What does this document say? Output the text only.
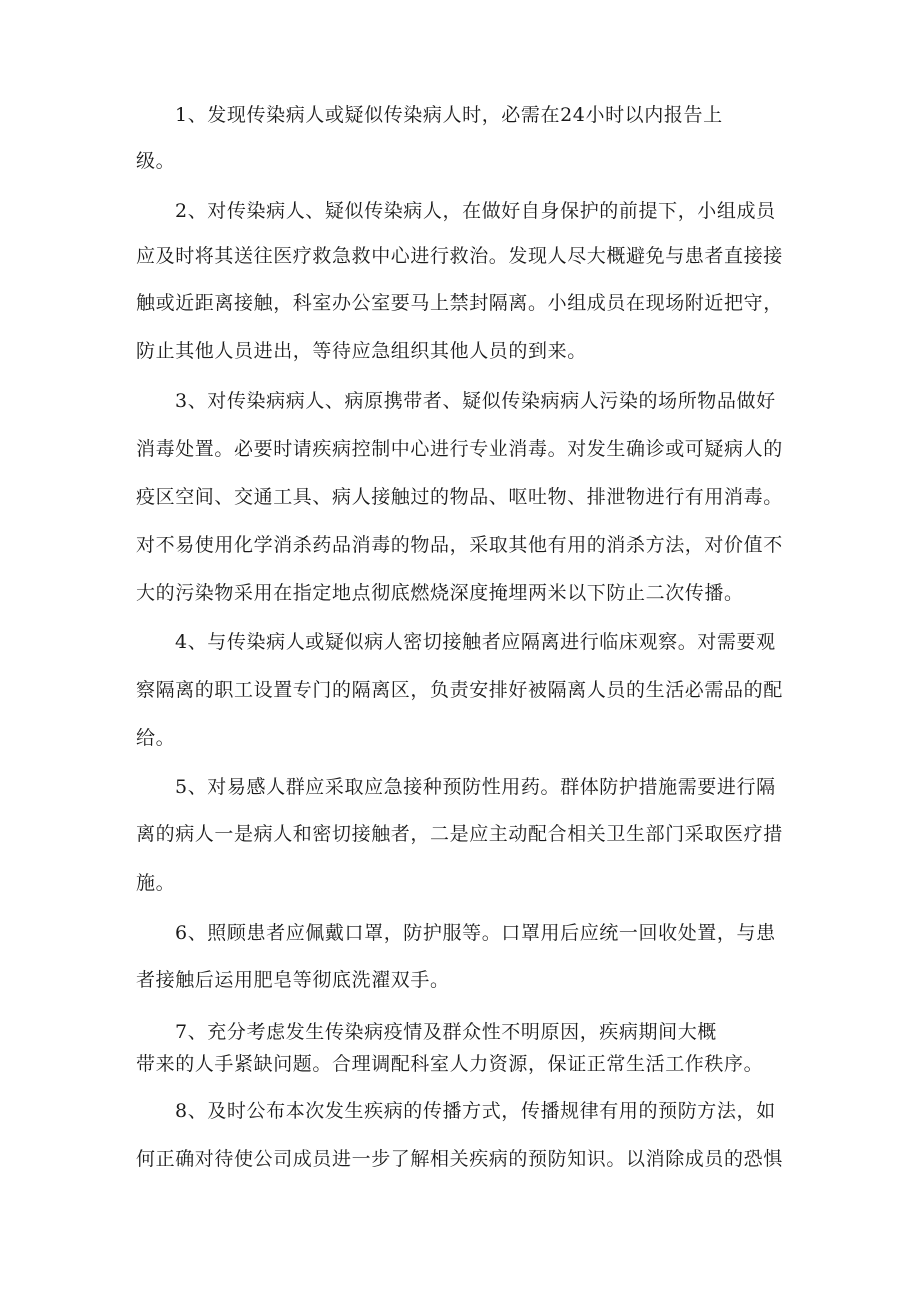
1、发现传染病人或疑似传染病人时，必需在24小时以内报告上
级。
2、对传染病人、疑似传染病人，在做好自身保护的前提下，小组成员
应及时将其送往医疗救急救中心进行救治。发现人尽大概避免与患者直接接
触或近距离接触，科室办公室要马上禁封隔离。小组成员在现场附近把守，
防止其他人员进出，等待应急组织其他人员的到来。
3、对传染病病人、病原携带者、疑似传染病病人污染的场所物品做好
消毒处置。必要时请疾病控制中心进行专业消毒。对发生确诊或可疑病人的
疫区空间、交通工具、病人接触过的物品、呕吐物、排泄物进行有用消毒。
对不易使用化学消杀药品消毒的物品，采取其他有用的消杀方法，对价值不
大的污染物采用在指定地点彻底燃烧深度掩埋两米以下防止二次传播。
4、与传染病人或疑似病人密切接触者应隔离进行临床观察。对需要观
察隔离的职工设置专门的隔离区，负责安排好被隔离人员的生活必需品的配
给。
5、对易感人群应采取应急接种预防性用药。群体防护措施需要进行隔
离的病人一是病人和密切接触者，二是应主动配合相关卫生部门采取医疗措
施。
6、照顾患者应佩戴口罩，防护服等。口罩用后应统一回收处置，与患
者接触后运用肥皂等彻底洗濯双手。
7、充分考虑发生传染病疫情及群众性不明原因，疾病期间大概
带来的人手紧缺问题。合理调配科室人力资源，保证正常生活工作秩序。
8、及时公布本次发生疾病的传播方式，传播规律有用的预防方法，如
何正确对待使公司成员进一步了解相关疾病的预防知识。以消除成员的恐惧
